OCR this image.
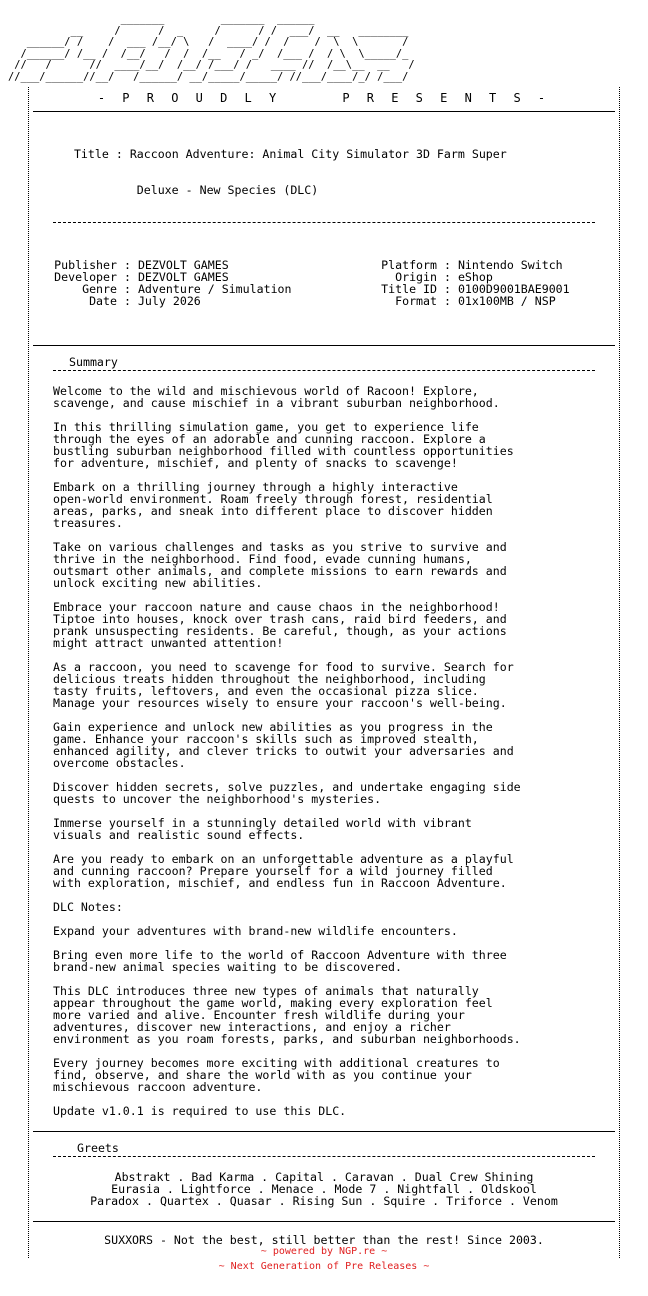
_______         _______  ______
__     /      /  _     /      / /  ___/  __   ________
______/ /    /  ___ /__/ \   /  ____/ /  /    /  \  \       /
/______/ /__ /  /__/   /  /  /__   / _/  /___ /  / \  \_____/_
//   /      //  ____/__/  /__/ /___/ /   ____ //  /__\__  __   /
//___/______//__/   /______/ __/_____/_____/ //___/____/_/ /___/
- P R O U D L Y     P R E S E N T S -

Title : Raccoon Adventure: Animal City Simulator 3D Farm Super

Deluxe - New Species (DLC)

Publisher : DEZVOLT GAMES	Platform : Nintendo Switch
Developer : DEZVOLT GAMES	Origin : eShop
Genre : Adventure / Simulation	Title ID : 0100D9001BAE9001
Date : July 2026	Format : 01x100MB / NSP

Summary
Welcome to the wild and mischievous world of Racoon! Explore,
scavenge, and cause mischief in a vibrant suburban neighborhood.
In this thrilling simulation game, you get to experience life
through the eyes of an adorable and cunning raccoon. Explore a
bustling suburban neighborhood filled with countless opportunities
for adventure, mischief, and plenty of snacks to scavenge!
Embark on a thrilling journey through a highly interactive
open-world environment. Roam freely through forest, residential
areas, parks, and sneak into different place to discover hidden
treasures.
Take on various challenges and tasks as you strive to survive and
thrive in the neighborhood. Find food, evade cunning humans,
outsmart other animals, and complete missions to earn rewards and
unlock exciting new abilities.
Embrace your raccoon nature and cause chaos in the neighborhood!
Tiptoe into houses, knock over trash cans, raid bird feeders, and
prank unsuspecting residents. Be careful, though, as your actions
might attract unwanted attention!
As a raccoon, you need to scavenge for food to survive. Search for
delicious treats hidden throughout the neighborhood, including
tasty fruits, leftovers, and even the occasional pizza slice.
Manage your resources wisely to ensure your raccoon's well-being.
Gain experience and unlock new abilities as you progress in the
game. Enhance your raccoon's skills such as improved stealth,
enhanced agility, and clever tricks to outwit your adversaries and
overcome obstacles.
Discover hidden secrets, solve puzzles, and undertake engaging side
quests to uncover the neighborhood's mysteries.
Immerse yourself in a stunningly detailed world with vibrant
visuals and realistic sound effects.
Are you ready to embark on an unforgettable adventure as a playful
and cunning raccoon? Prepare yourself for a wild journey filled
with exploration, mischief, and endless fun in Raccoon Adventure.
DLC Notes:
Expand your adventures with brand-new wildlife encounters.
Bring even more life to the world of Raccoon Adventure with three
brand-new animal species waiting to be discovered.
This DLC introduces three new types of animals that naturally
appear throughout the game world, making every exploration feel
more varied and alive. Encounter fresh wildlife during your
adventures, discover new interactions, and enjoy a richer
environment as you roam forests, parks, and suburban neighborhoods.
Every journey becomes more exciting with additional creatures to
find, observe, and share the world with as you continue your
mischievous raccoon adventure.
Update v1.0.1 is required to use this DLC.
Greets
Abstrakt . Bad Karma . Capital . Caravan . Dual Crew Shining
Eurasia . Lightforce . Menace . Mode 7 . Nightfall . Oldskool
Paradox . Quartex . Quasar . Rising Sun . Squire . Triforce . Venom
SUXXORS - Not the best, still better than the rest! Since 2003.
~ powered by NGP.re ~
~ Next Generation of Pre Releases ~
